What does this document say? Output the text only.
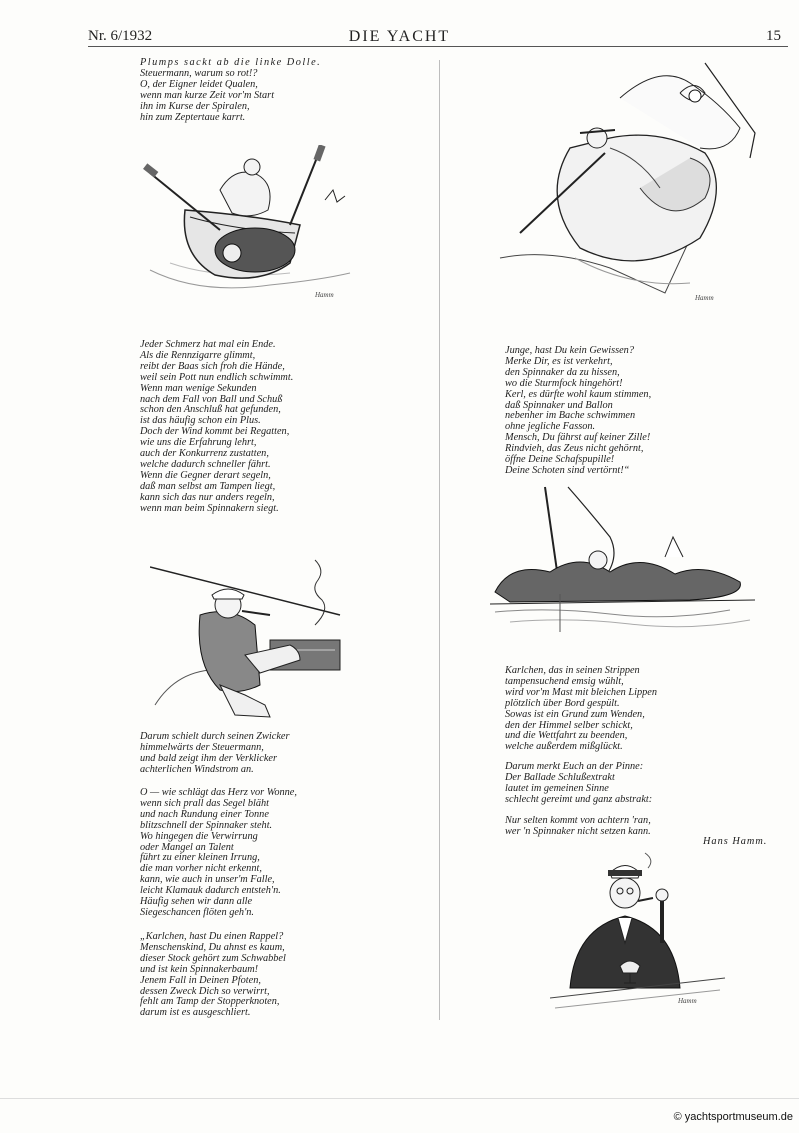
Nr. 6/1932	DIE YACHT	15
Plumps sackt ab die linke Dolle.
Steuermann, warum so rot!?
O, der Eigner leidet Qualen,
wenn man kurze Zeit vor'm Start
ihn im Kurse der Spiralen,
hin zum Zeptertaue karrt.
Hamm
Jeder Schmerz hat mal ein Ende.
Als die Rennzigarre glimmt,
reibt der Baas sich froh die Hände,
weil sein Pott nun endlich schwimmt.
Wenn man wenige Sekunden
nach dem Fall von Ball und Schuß
schon den Anschluß hat gefunden,
ist das häufig schon ein Plus.
Doch der Wind kommt bei Regatten,
wie uns die Erfahrung lehrt,
auch der Konkurrenz zustatten,
welche dadurch schneller fährt.
Wenn die Gegner derart segeln,
daß man selbst am Tampen liegt,
kann sich das nur anders regeln,
wenn man beim Spinnakern siegt.
Darum schielt durch seinen Zwicker
himmelwärts der Steuermann,
und bald zeigt ihm der Verklicker
achterlichen Windstrom an.
O — wie schlägt das Herz vor Wonne,
wenn sich prall das Segel bläht
und nach Rundung einer Tonne
blitzschnell der Spinnaker steht.
Wo hingegen die Verwirrung
oder Mangel an Talent
führt zu einer kleinen Irrung,
die man vorher nicht erkennt,
kann, wie auch in unser'm Falle,
leicht Klamauk dadurch entsteh'n.
Häufig sehen wir dann alle
Siegeschancen flöten geh'n.
„Karlchen, hast Du einen Rappel?
Menschenskind, Du ahnst es kaum,
dieser Stock gehört zum Schwabbel
und ist kein Spinnakerbaum!
Jenem Fall in Deinen Pfoten,
dessen Zweck Dich so verwirrt,
fehlt am Tamp der Stopperknoten,
darum ist es ausgeschliert.
Hamm
Junge, hast Du kein Gewissen?
Merke Dir, es ist verkehrt,
den Spinnaker da zu hissen,
wo die Sturmfock hingehört!
Kerl, es dürfte wohl kaum stimmen,
daß Spinnaker und Ballon
nebenher im Bache schwimmen
ohne jegliche Fasson.
Mensch, Du fährst auf keiner Zille!
Rindvieh, das Zeus nicht gehörnt,
öffne Deine Schafspupille!
Deine Schoten sind vertörnt!“
Karlchen, das in seinen Strippen
tampensuchend emsig wühlt,
wird vor'm Mast mit bleichen Lippen
plötzlich über Bord gespült.
Sowas ist ein Grund zum Wenden,
den der Himmel selber schickt,
und die Wettfahrt zu beenden,
welche außerdem mißglückt.
Darum merkt Euch an der Pinne:
Der Ballade Schlußextrakt
lautet im gemeinen Sinne
schlecht gereimt und ganz abstrakt:
Nur selten kommt von achtern 'ran,
wer 'n Spinnaker nicht setzen kann.
Hans Hamm.
Hamm
© yachtsportmuseum.de
